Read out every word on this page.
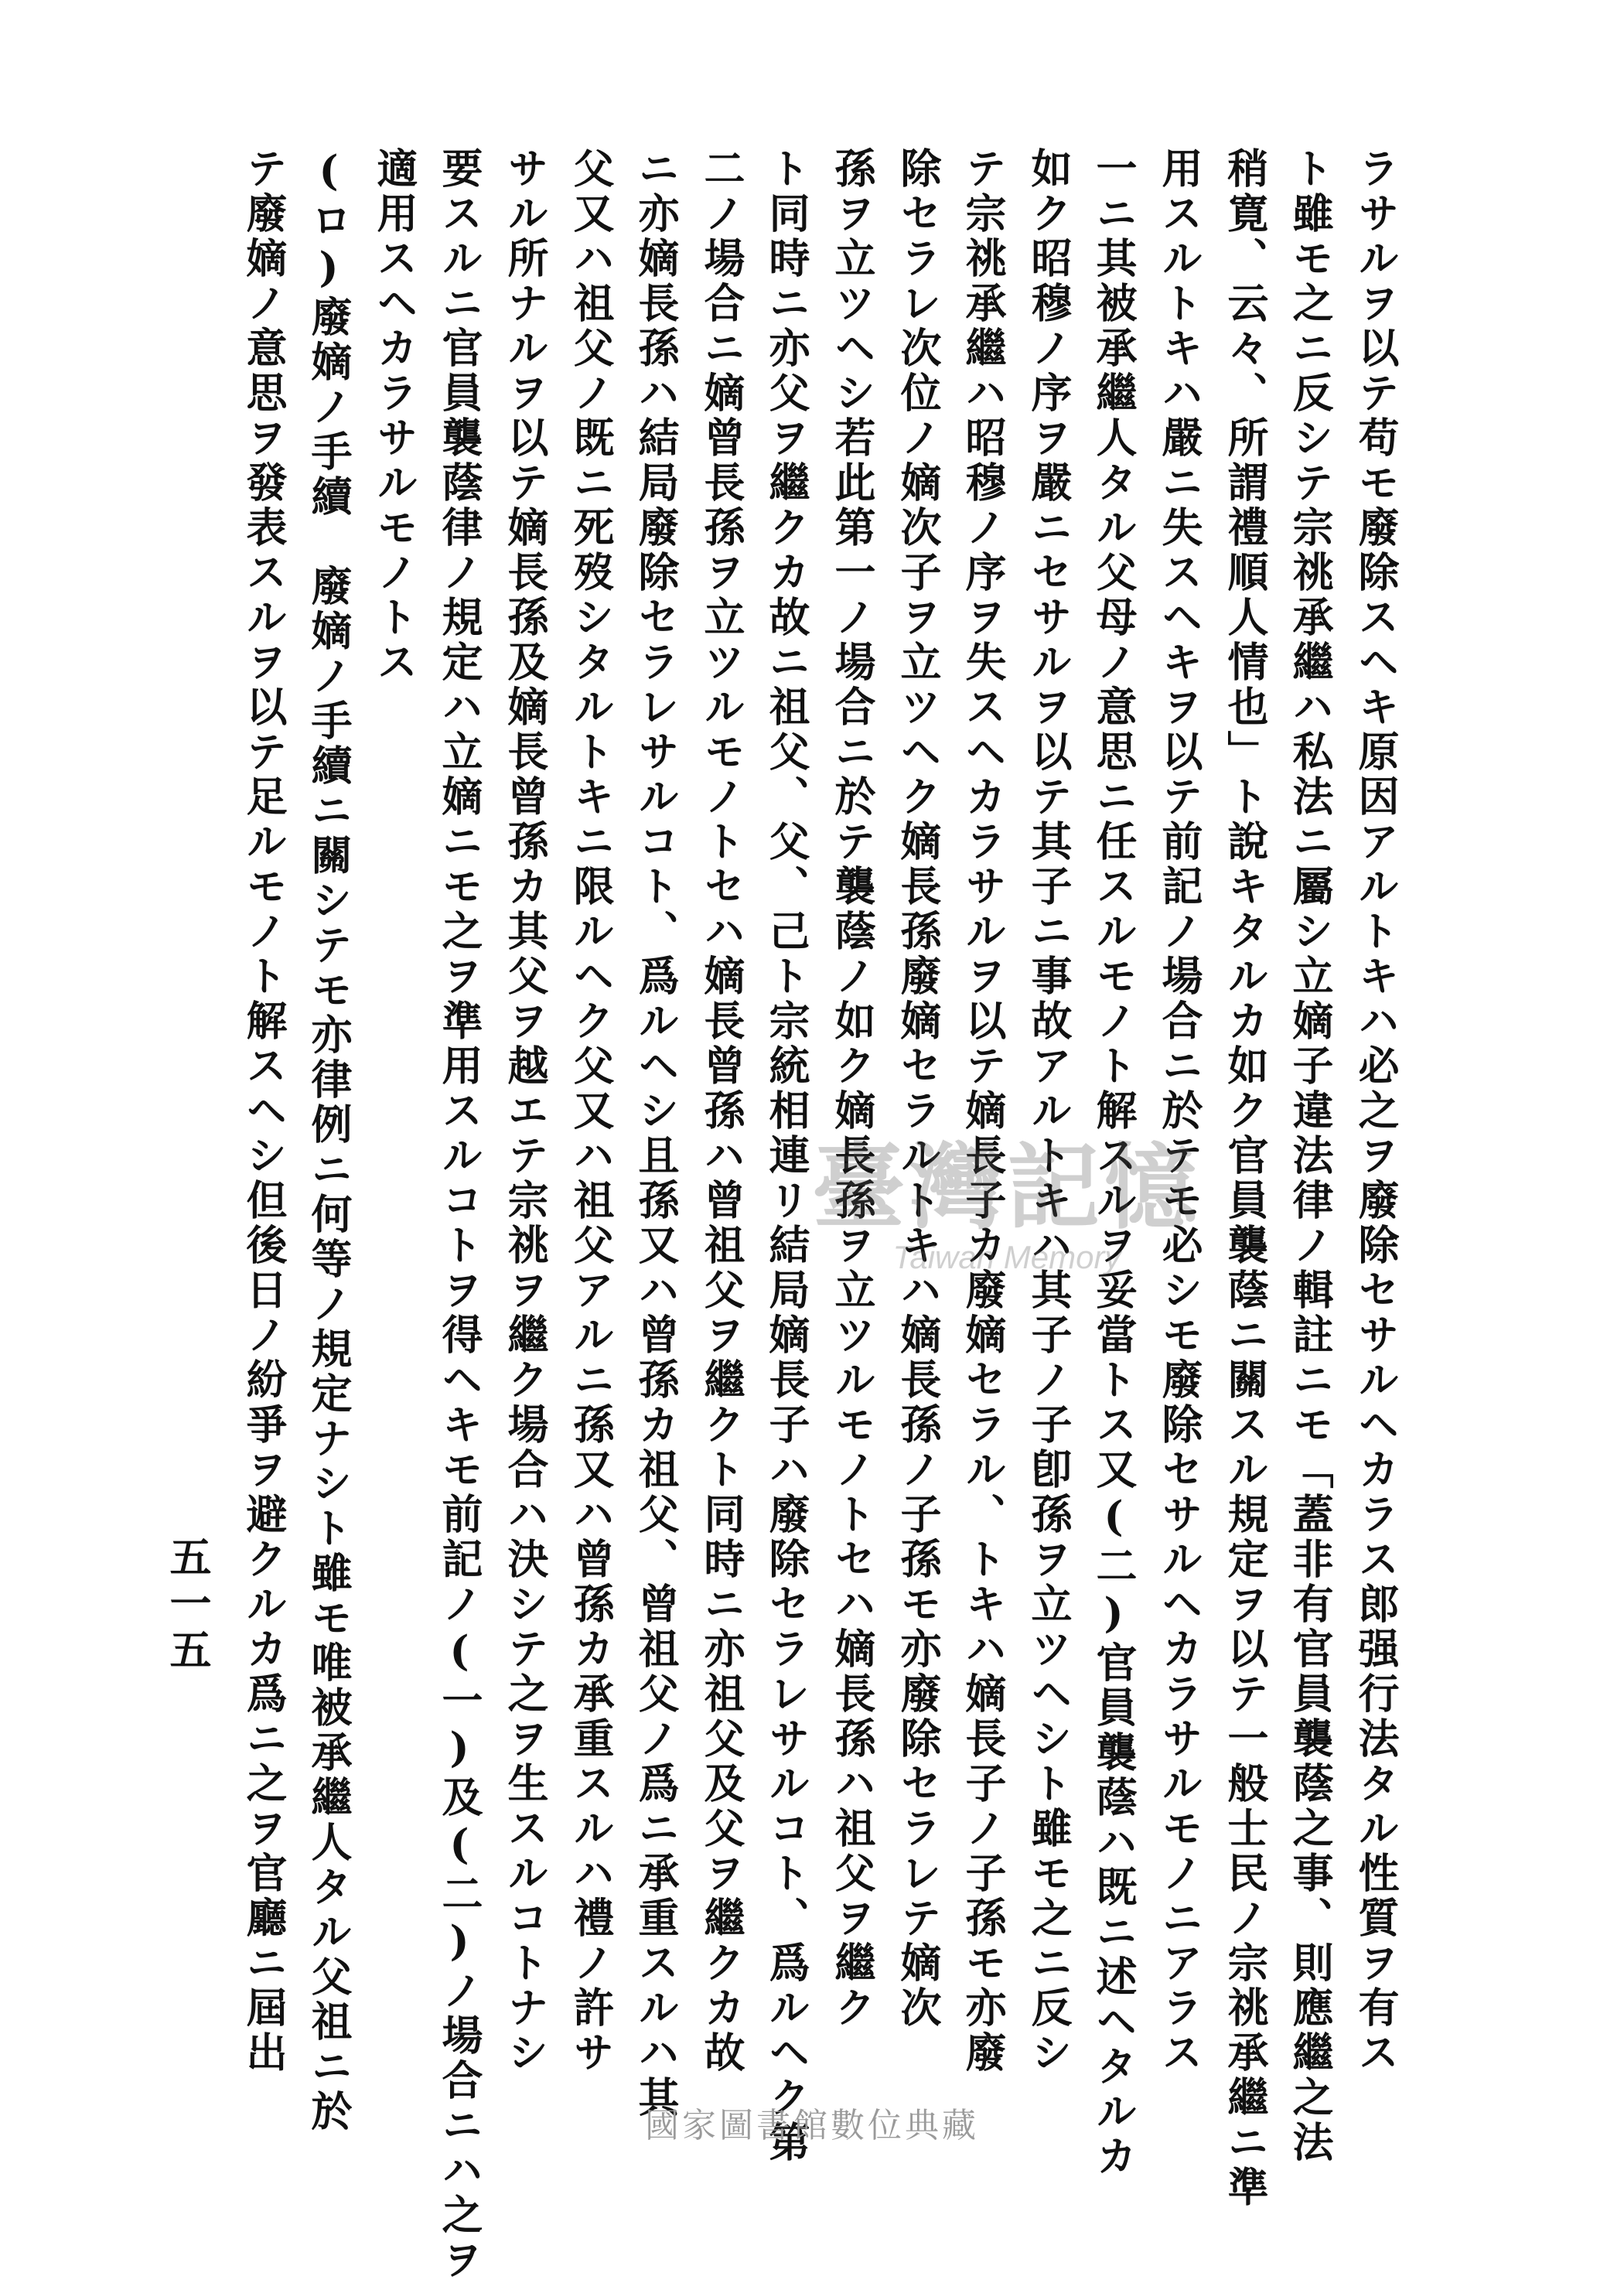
ラサルヲ以テ苟モ廢除スヘキ原因アルトキハ必之ヲ廢除セサルヘカラス郎强行法タル性質ヲ有ス
ト雖モ之ニ反シテ宗祧承繼ハ私法ニ屬シ立嫡子違法律ノ輯註ニモ「蓋非有官員襲蔭之事、則應繼之法
稍寛、云々、所謂禮順人情也」ト說キタルカ如ク官員襲蔭ニ關スル規定ヲ以テ一般士民ノ宗祧承繼ニ準
用スルトキハ嚴ニ失スヘキヲ以テ前記ノ場合ニ於テモ必シモ廢除セサルヘカラサルモノニアラス
一ニ其被承繼人タル父母ノ意思ニ任スルモノト解スルヲ妥當トス又(二)官員襲蔭ハ既ニ述ヘタルカ
如ク昭穆ノ序ヲ嚴ニセサルヲ以テ其子ニ事故アルトキハ其子ノ子卽孫ヲ立ツヘシト雖モ之ニ反シ
テ宗祧承繼ハ昭穆ノ序ヲ失スヘカラサルヲ以テ嫡長子カ廢嫡セラル、トキハ嫡長子ノ子孫モ亦廢
除セラレ次位ノ嫡次子ヲ立ツヘク嫡長孫廢嫡セラルトキハ嫡長孫ノ子孫モ亦廢除セラレテ嫡次
孫ヲ立ツヘシ若此第一ノ場合ニ於テ襲蔭ノ如ク嫡長孫ヲ立ツルモノトセハ嫡長孫ハ祖父ヲ繼ク
ト同時ニ亦父ヲ繼クカ故ニ祖父、父、己ト宗統相連リ結局嫡長子ハ廢除セラレサルコト、爲ルヘク第
二ノ場合ニ嫡曾長孫ヲ立ツルモノトセハ嫡長曾孫ハ曾祖父ヲ繼クト同時ニ亦祖父及父ヲ繼クカ故
ニ亦嫡長孫ハ結局廢除セラレサルコト、爲ルヘシ且孫又ハ曾孫カ祖父、曾祖父ノ爲ニ承重スルハ其
父又ハ祖父ノ既ニ死歿シタルトキニ限ルヘク父又ハ祖父アルニ孫又ハ曾孫カ承重スルハ禮ノ許サ
サル所ナルヲ以テ嫡長孫及嫡長曾孫カ其父ヲ越エテ宗祧ヲ繼ク場合ハ決シテ之ヲ生スルコトナシ
要スルニ官員襲蔭律ノ規定ハ立嫡ニモ之ヲ準用スルコトヲ得ヘキモ前記ノ(一)及(二)ノ場合ニハ之ヲ
適用スヘカラサルモノトス
(ロ)廢嫡ノ手續　廢嫡ノ手續ニ關シテモ亦律例ニ何等ノ規定ナシト雖モ唯被承繼人タル父祖ニ於
テ廢嫡ノ意思ヲ發表スルヲ以テ足ルモノト解スヘシ但後日ノ紛爭ヲ避クルカ爲ニ之ヲ官廳ニ屆出
五一五
臺灣記憶
Taiwan Memory
國家圖書館數位典藏
